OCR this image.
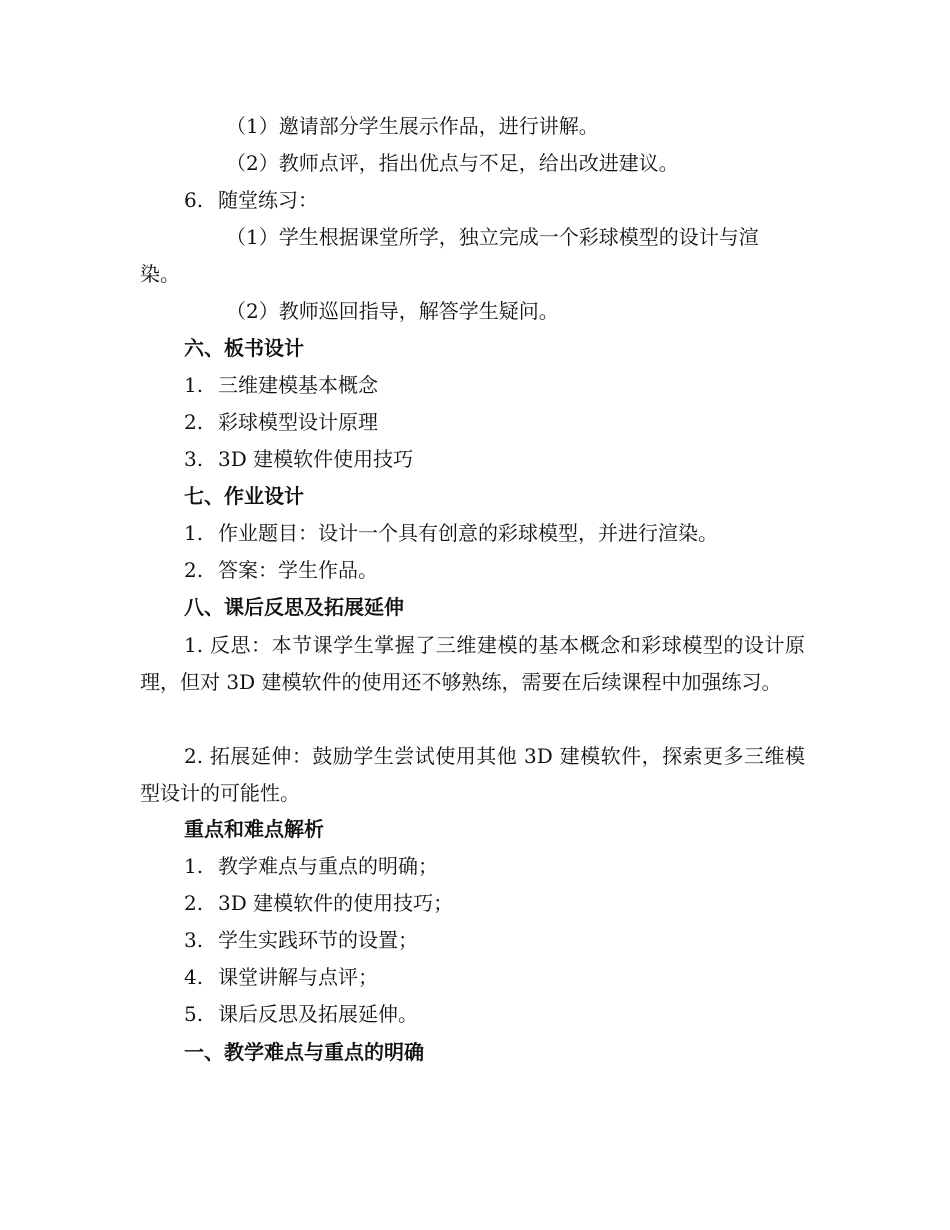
（1）邀请部分学生展示作品，进行讲解。
（2）教师点评，指出优点与不足，给出改进建议。
6. 随堂练习：
（1）学生根据课堂所学，独立完成一个彩球模型的设计与渲
染。
（2）教师巡回指导，解答学生疑问。
六、板书设计
1. 三维建模基本概念
2. 彩球模型设计原理
3. 3D 建模软件使用技巧
七、作业设计
1. 作业题目：设计一个具有创意的彩球模型，并进行渲染。
2. 答案：学生作品。
八、课后反思及拓展延伸
1. 反思：本节课学生掌握了三维建模的基本概念和彩球模型的设计原理，但对 3D 建模软件的使用还不够熟练，需要在后续课程中加强练习。
2. 拓展延伸：鼓励学生尝试使用其他 3D 建模软件，探索更多三维模型设计的可能性。
重点和难点解析
1. 教学难点与重点的明确；
2. 3D 建模软件的使用技巧；
3. 学生实践环节的设置；
4. 课堂讲解与点评；
5. 课后反思及拓展延伸。
一、教学难点与重点的明确
